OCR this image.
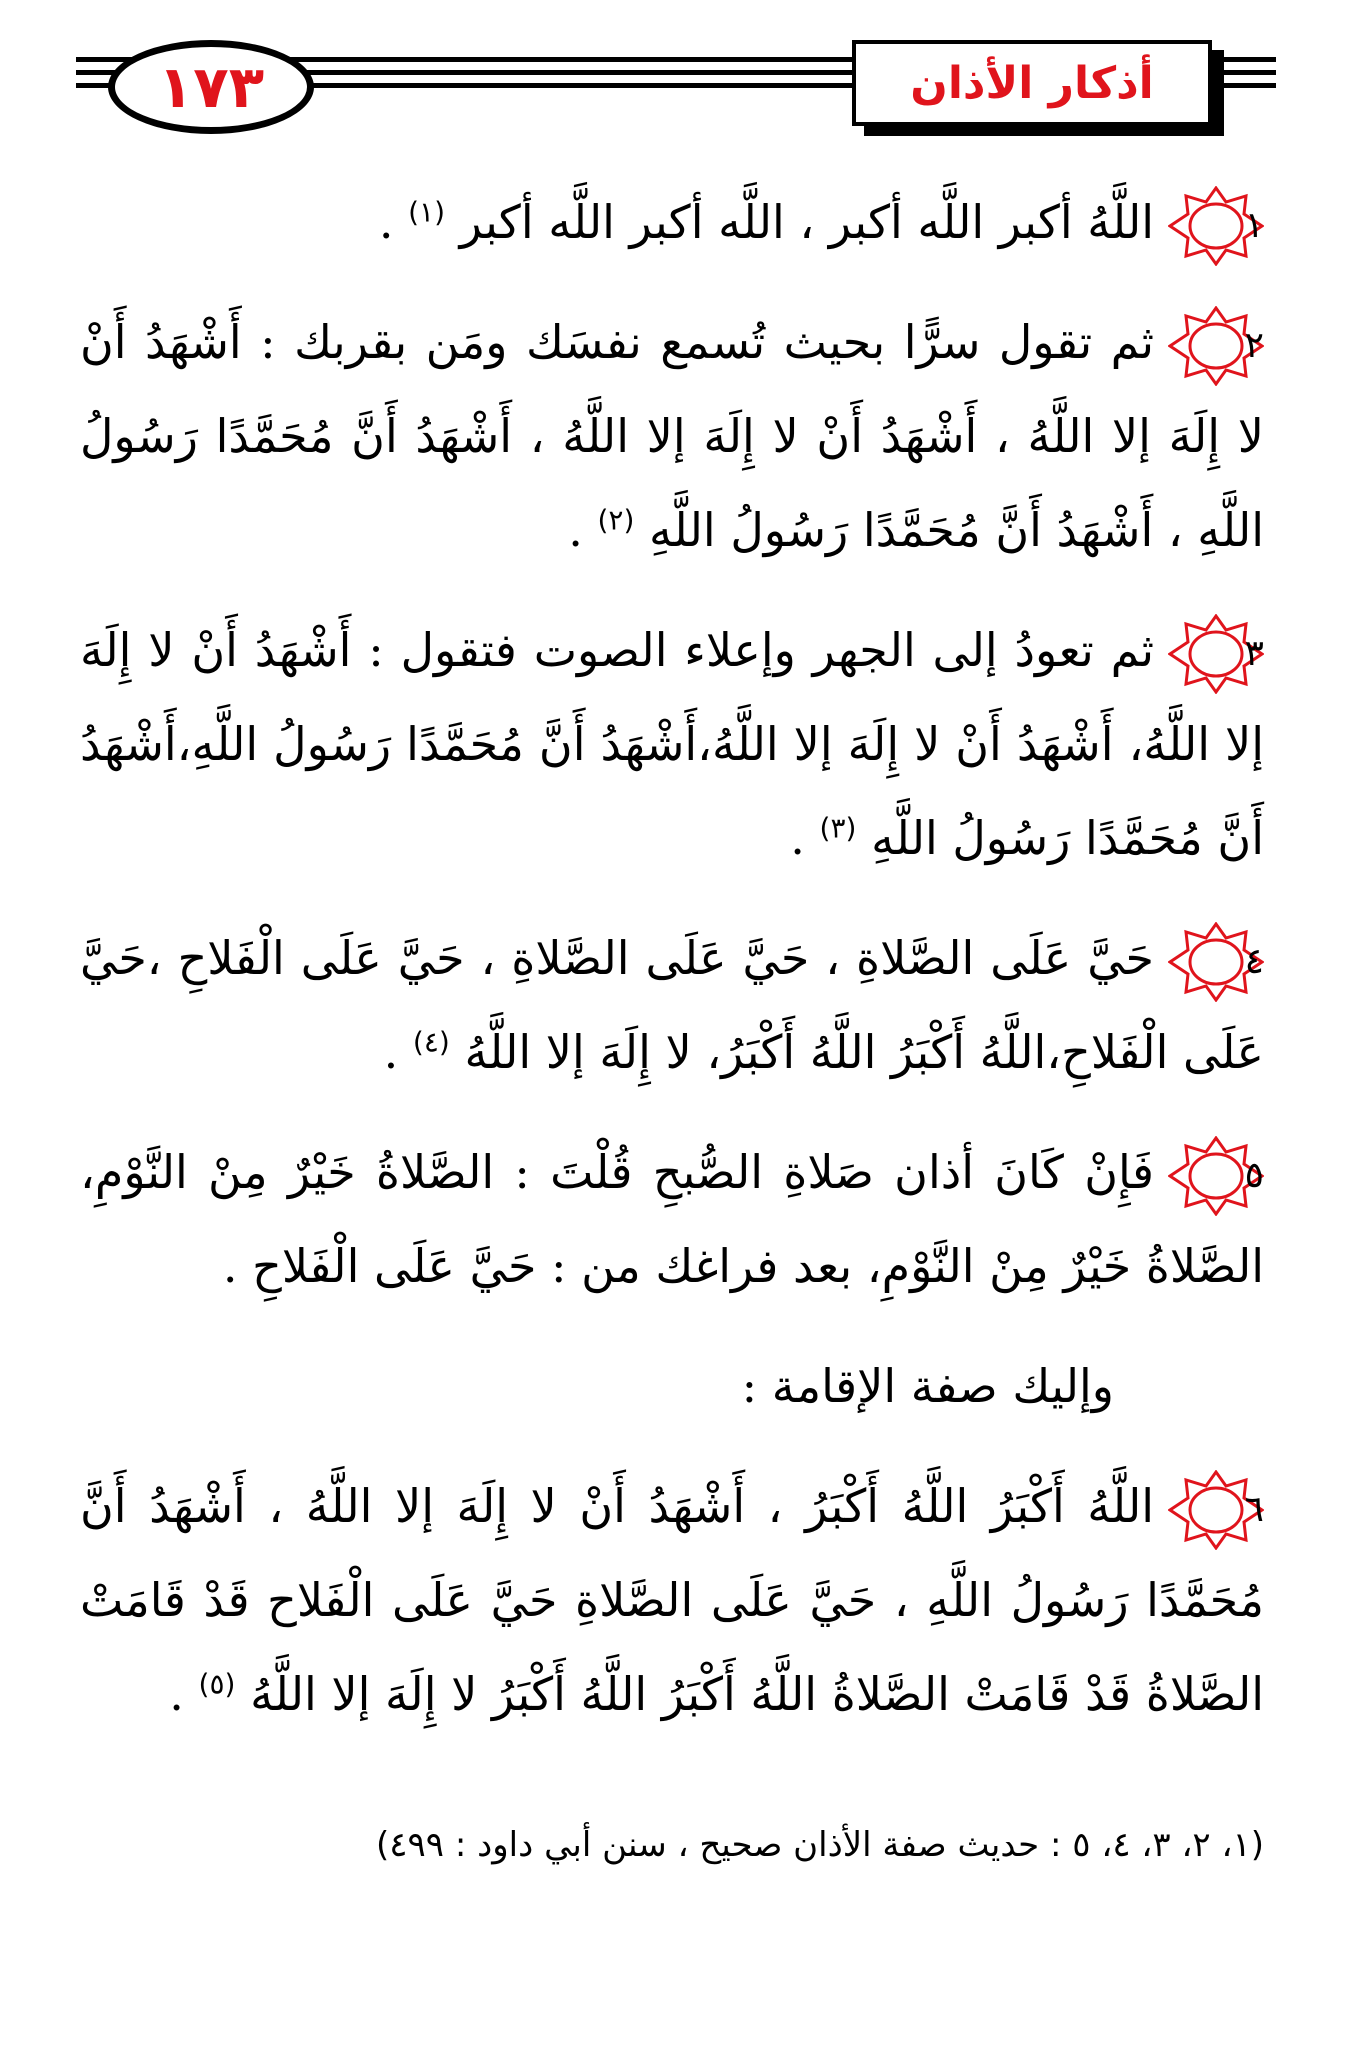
١٧٣	أذكار الأذان

١
اللَّهُ أكبر اللَّه أكبر ، اللَّه أكبر اللَّه أكبر $^{(١)}$ .

٢
ثم تقول سرًّا بحيث تُسمع نفسَك ومَن بقربك : أَشْهَدُ أَنْ لا إِلَهَ إلا اللَّهُ ، أَشْهَدُ أَنْ لا إِلَهَ إلا اللَّهُ ، أَشْهَدُ أَنَّ مُحَمَّدًا رَسُولُ اللَّهِ ، أَشْهَدُ أَنَّ مُحَمَّدًا رَسُولُ اللَّهِ $^{(٢)}$ .

٣
ثم تعودُ إلى الجهر وإعلاء الصوت فتقول : أَشْهَدُ أَنْ لا إِلَهَ إلا اللَّهُ، أَشْهَدُ أَنْ لا إِلَهَ إلا اللَّهُ،أَشْهَدُ أَنَّ مُحَمَّدًا رَسُولُ اللَّهِ،أَشْهَدُ أَنَّ مُحَمَّدًا رَسُولُ اللَّهِ $^{(٣)}$ .

٤
حَيَّ عَلَى الصَّلاةِ ، حَيَّ عَلَى الصَّلاةِ ، حَيَّ عَلَى الْفَلاحِ ،حَيَّ عَلَى الْفَلاحِ،اللَّهُ أَكْبَرُ اللَّهُ أَكْبَرُ، لا إِلَهَ إلا اللَّهُ $^{(٤)}$ .

٥
فَإِنْ كَانَ أذان صَلاةِ الصُّبحِ قُلْتَ : الصَّلاةُ خَيْرٌ مِنْ النَّوْمِ، الصَّلاةُ خَيْرٌ مِنْ النَّوْمِ، بعد فراغك من : حَيَّ عَلَى الْفَلاحِ .

وإليك صفة الإقامة :

٦
اللَّهُ أَكْبَرُ اللَّهُ أَكْبَرُ ، أَشْهَدُ أَنْ لا إِلَهَ إلا اللَّهُ ، أَشْهَدُ أَنَّ مُحَمَّدًا رَسُولُ اللَّهِ ، حَيَّ عَلَى الصَّلاةِ حَيَّ عَلَى الْفَلاح قَدْ قَامَتْ الصَّلاةُ قَدْ قَامَتْ الصَّلاةُ اللَّهُ أَكْبَرُ اللَّهُ أَكْبَرُ لا إِلَهَ إلا اللَّهُ $^{(٥)}$ .

(١، ٢، ٣، ٤، ٥ : حديث صفة الأذان صحيح ، سنن أبي داود : ٤٩٩)
